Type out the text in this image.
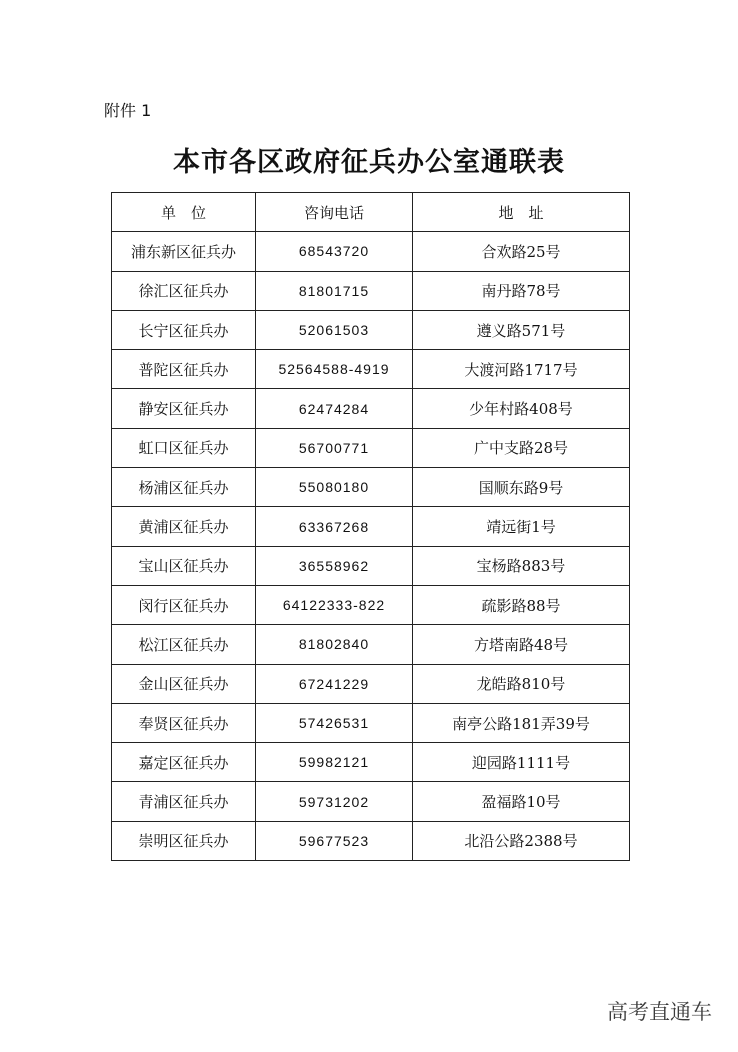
附件 1
本市各区政府征兵办公室通联表
单　位	咨询电话	地　址
浦东新区征兵办	68543720	合欢路25号
徐汇区征兵办	81801715	南丹路78号
长宁区征兵办	52061503	遵义路571号
普陀区征兵办	52564588-4919	大渡河路1717号
静安区征兵办	62474284	少年村路408号
虹口区征兵办	56700771	广中支路28号
杨浦区征兵办	55080180	国顺东路9号
黄浦区征兵办	63367268	靖远街1号
宝山区征兵办	36558962	宝杨路883号
闵行区征兵办	64122333-822	疏影路88号
松江区征兵办	81802840	方塔南路48号
金山区征兵办	67241229	龙皓路810号
奉贤区征兵办	57426531	南亭公路181弄39号
嘉定区征兵办	59982121	迎园路1111号
青浦区征兵办	59731202	盈福路10号
崇明区征兵办	59677523	北沿公路2388号
高考直通车
